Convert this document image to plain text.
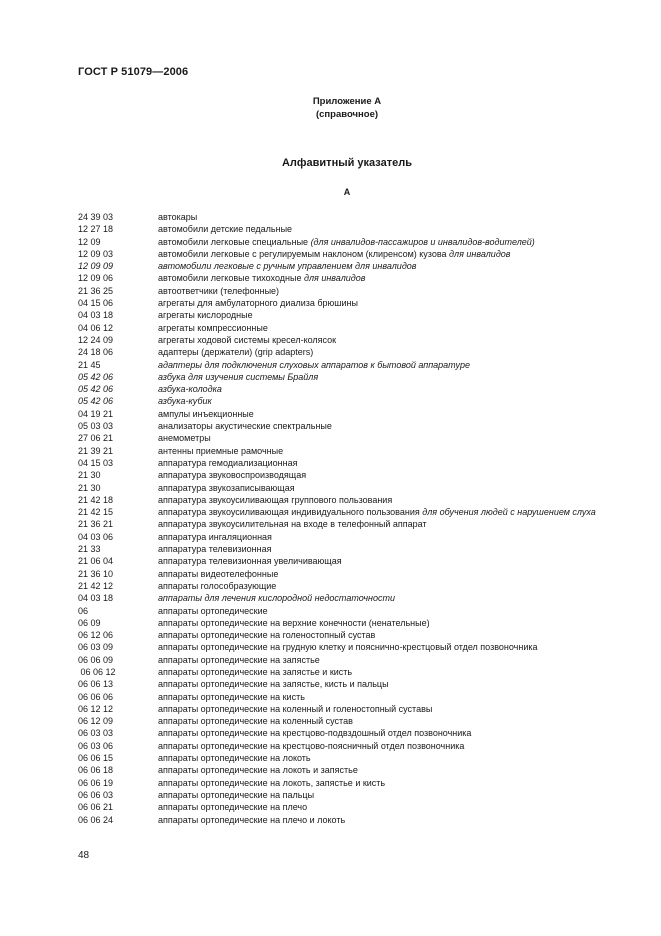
ГОСТ Р 51079—2006
Приложение А
(справочное)
Алфавитный указатель
А
24 39 03	автокары
12 27 18	автомобили детские педальные
12 09	автомобили легковые специальные (для инвалидов-пассажиров и инвалидов-водителей)
12 09 03	автомобили легковые с регулируемым наклоном (клиренсом) кузова для инвалидов
12 09 09	автомобили легковые с ручным управлением для инвалидов
12 09 06	автомобили легковые тихоходные для инвалидов
21 36 25	автоответчики (телефонные)
04 15 06	агрегаты для амбулаторного диализа брюшины
04 03 18	агрегаты кислородные
04 06 12	агрегаты компрессионные
12 24 09	агрегаты ходовой системы кресел-колясок
24 18 06	адаптеры (держатели) (grip adapters)
21 45	адаптеры для подключения слуховых аппаратов к бытовой аппаратуре
05 42 06	азбука для изучения системы Брайля
05 42 06	азбука-колодка
05 42 06	азбука-кубик
04 19 21	ампулы инъекционные
05 03 03	анализаторы акустические спектральные
27 06 21	анемометры
21 39 21	антенны приемные рамочные
04 15 03	аппаратура гемодиализационная
21 30	аппаратура звуковоспроизводящая
21 30	аппаратура звукозаписывающая
21 42 18	аппаратура звукоусиливающая группового пользования
21 42 15	аппаратура звукоусиливающая индивидуального пользования для обучения людей с нарушением слуха
21 36 21	аппаратура звукоусилительная на входе в телефонный аппарат
04 03 06	аппаратура ингаляционная
21 33	аппаратура телевизионная
21 06 04	аппаратура телевизионная увеличивающая
21 36 10	аппараты видеотелефонные
21 42 12	аппараты голособразующие
04 03 18	аппараты для лечения кислородной недостаточности
06	аппараты ортопедические
06 09	аппараты ортопедические на верхние конечности (ненательные)
06 12 06	аппараты ортопедические на голеностопный сустав
06 03 09	аппараты ортопедические на грудную клетку и пояснично-крестцовый отдел позвоночника
06 06 09	аппараты ортопедические на запястье
06 06 12	аппараты ортопедические на запястье и кисть
06 06 13	аппараты ортопедические на запястье, кисть и пальцы
06 06 06	аппараты ортопедические на кисть
06 12 12	аппараты ортопедические на коленный и голеностопный суставы
06 12 09	аппараты ортопедические на коленный сустав
06 03 03	аппараты ортопедические на крестцово-подвздошный отдел позвоночника
06 03 06	аппараты ортопедические на крестцово-поясничный отдел позвоночника
06 06 15	аппараты ортопедические на локоть
06 06 18	аппараты ортопедические на локоть и запястье
06 06 19	аппараты ортопедические на локоть, запястье и кисть
06 06 03	аппараты ортопедические на пальцы
06 06 21	аппараты ортопедические на плечо
06 06 24	аппараты ортопедические на плечо и локоть
48
